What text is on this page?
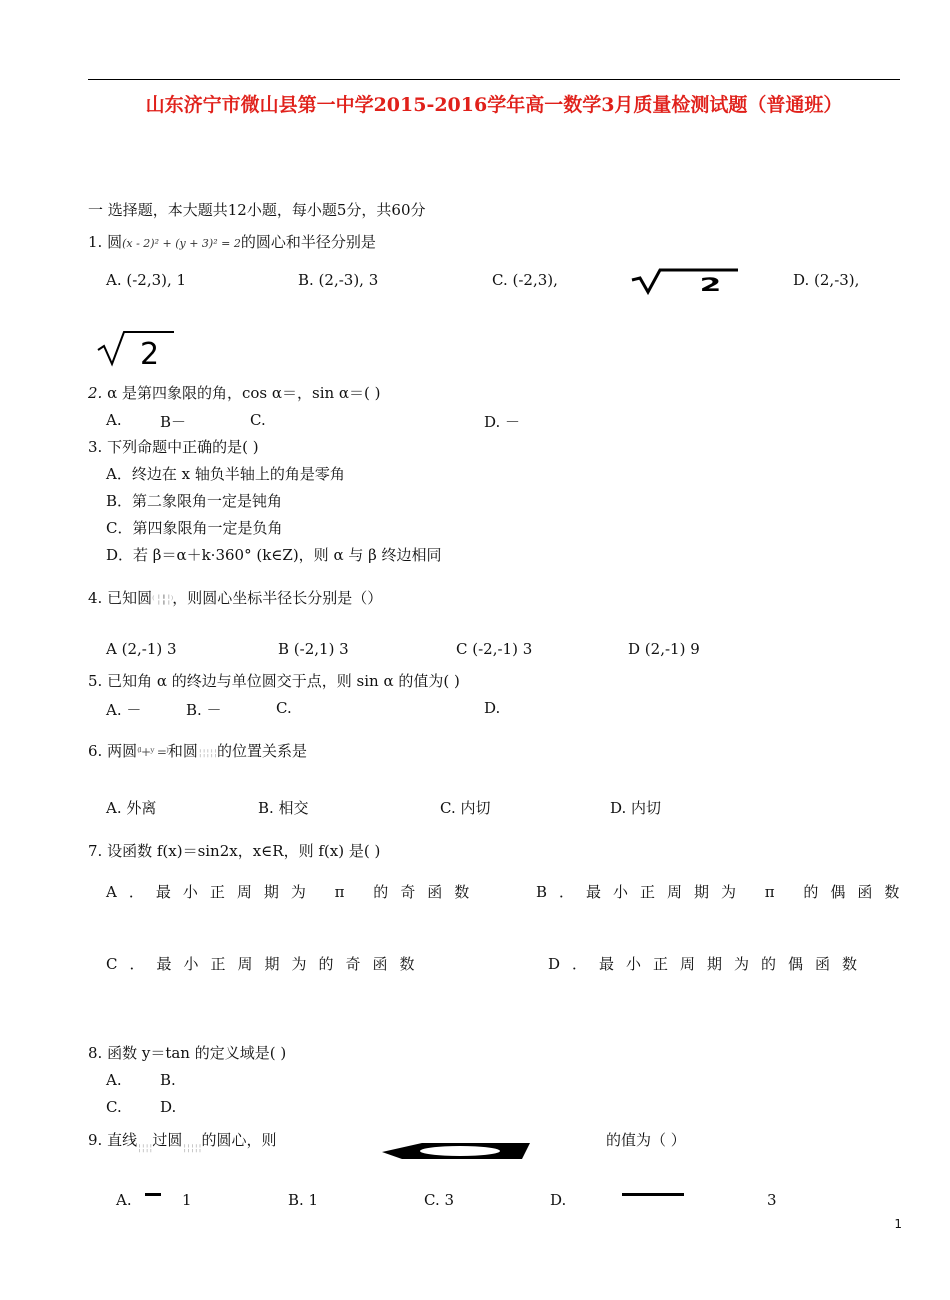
山东济宁市微山县第一中学2015-2016学年高一数学3月质量检测试题（普通班）
一 选择题，本大题共12小题，每小题5分，共60分
1. 圆(x - 2)² + (y + 3)² = 2的圆心和半径分别是
A. (-2,3), 1	B. (2,-3), 3	C. (-2,3),	2	D. (2,-3),
2
2. α 是第四象限的角，cos α＝，sin α＝( )
A.	B－	C.	D. －
3. 下列命题中正确的是( )
A．终边在 x 轴负半轴上的角是零角
B．第二象限角一定是钝角
C．第四象限角一定是负角
D．若 β＝α＋k·360° (k∈Z)，则 α 与 β 终边相同
4. 已知圆⁽ ╎╏╎⁾，则圆心坐标半径长分别是（）
A (2,-1) 3	B (-2,1) 3	C (-2,-1) 3	D (2,-1) 9
5. 已知角 α 的终边与单位圆交于点，则 sin α 的值为( )
A. －	B. －	C.	D.
6. 两圆⁽ˡ+ʸ =⁾和圆╎╎╎╎╎的位置关系是
A. 外离	B. 相交	C. 内切	D. 内切
7. 设函数 f(x)＝sin2x，x∈R，则 f(x) 是( )
A．最小正周期为 π 的奇函数	B．最小正周期为 π 的偶函数
C．最小正周期为的奇函数	D．最小正周期为的偶函数
8. 函数 y＝tan 的定义域是( )
A.	B.
C.	D.
9. 直线$_{╎╎╎╎}$过圆$_{╎╎╎╎╎}$的圆心，则	的值为（ ）
A.	1	B. 1	C. 3	D.	3
1
